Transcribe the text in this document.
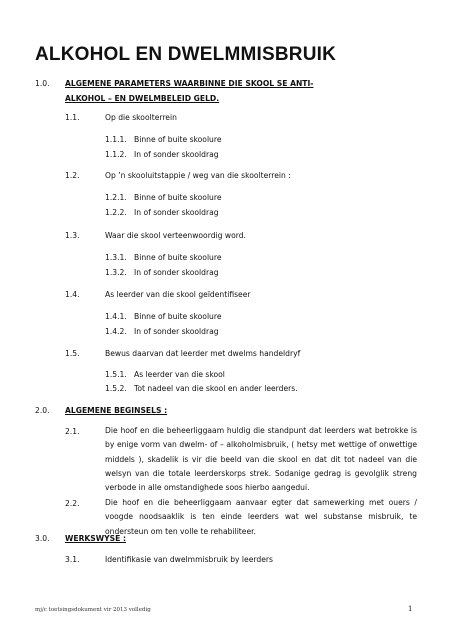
ALKOHOL EN DWELMMISBRUIK
1.0. ALGEMENE PARAMETERS WAARBINNE DIE SKOOL SE ANTI-
ALKOHOL – EN DWELMBELEID GELD.
1.1.	Op die skoolterrein
1.1.1. Binne of buite skoolure
1.1.2. In of sonder skooldrag
1.2.	Op ’n skooluitstappie / weg van die skoolterrein :
1.2.1. Binne of buite skoolure
1.2.2. In of sonder skooldrag
1.3.	Waar die skool verteenwoordig word.
1.3.1. Binne of buite skoolure
1.3.2. In of sonder skooldrag
1.4.	As leerder van die skool geïdentifiseer
1.4.1. Binne of buite skoolure
1.4.2. In of sonder skooldrag
1.5.	Bewus daarvan dat leerder met dwelms handeldryf
1.5.1. As leerder van die skool
1.5.2. Tot nadeel van die skool en ander leerders.
2.0. ALGEMENE BEGINSELS :
2.1.	Die hoof en die beheerliggaam huldig die standpunt dat leerders wat betrokke is by enige vorm van dwelm- of – alkoholmisbruik, ( hetsy met wettige of onwettige middels ), skadelik is vir die beeld van die skool en dat dit tot nadeel van die welsyn van die totale leerderskorps strek. Sodanige gedrag is gevolglik streng verbode in alle omstandighede soos hierbo aangedui.
2.2.	Die hoof en die beheerliggaam aanvaar egter dat samewerking met ouers / voogde noodsaaklik is ten einde leerders wat wel substanse misbruik, te ondersteun om ten volle te rehabiliteer.
3.0. WERKSWYSE :
3.1.	Identifikasie van dwelmmisbruik by leerders
mj/c toetsingsdokument vir 2013 volledig	1
